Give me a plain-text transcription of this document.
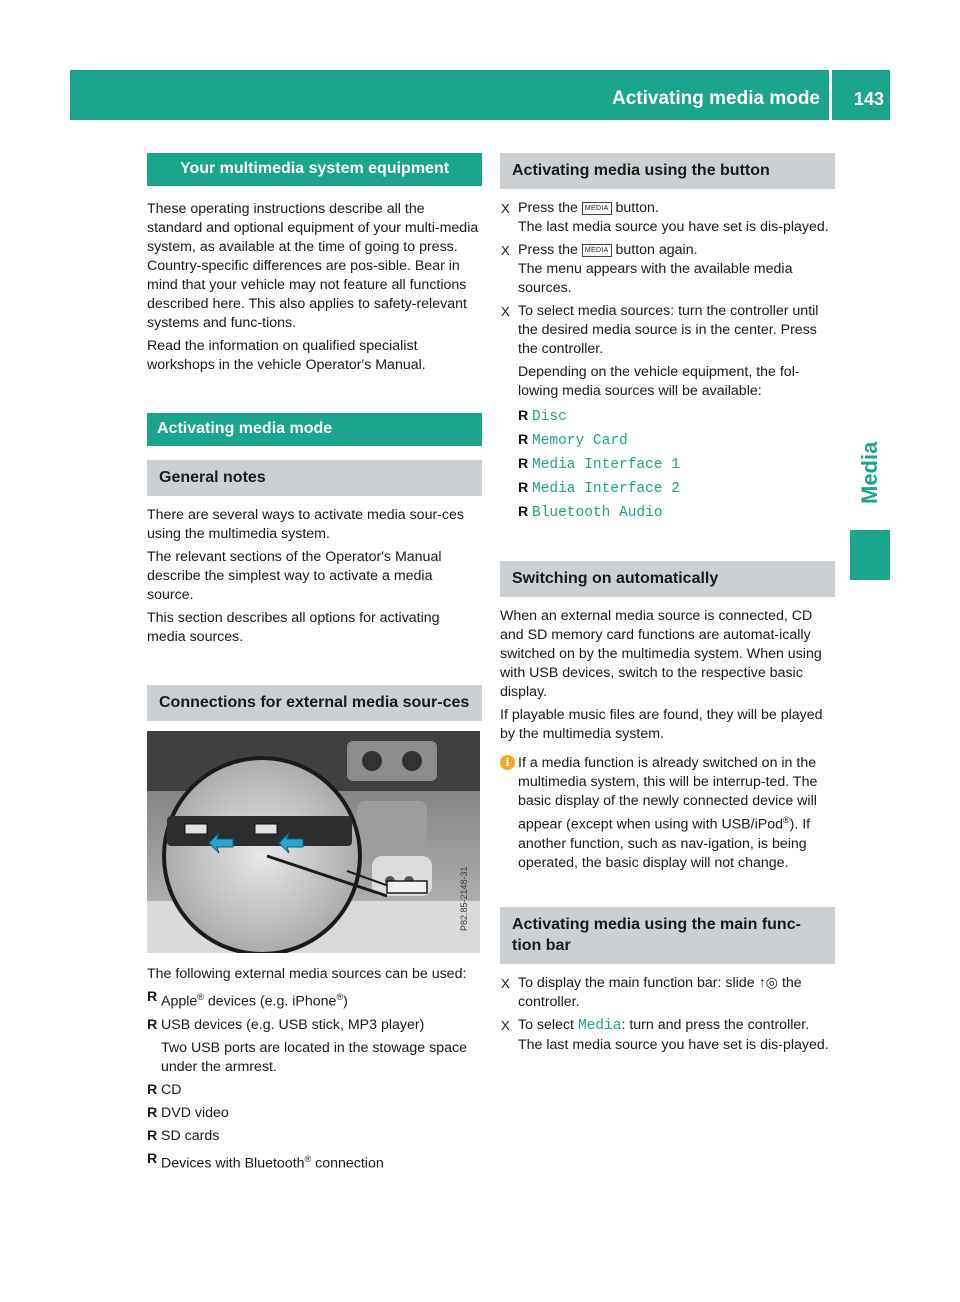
Activating media mode 143
Media
Your multimedia system equipment

These operating instructions describe all the standard and optional equipment of your multi-media system, as available at the time of going to press. Country-specific differences are pos-sible. Bear in mind that your vehicle may not feature all functions described here. This also applies to safety-relevant systems and func-tions.

Read the information on qualified specialist workshops in the vehicle Operator's Manual.

Activating media mode
General notes

There are several ways to activate media sour-ces using the multimedia system.

The relevant sections of the Operator's Manual describe the simplest way to activate a media source.

This section describes all options for activating media sources.

Connections for external media sour-ces
P82.85-2148-31

The following external media sources can be used:

R Apple® devices (e.g. iPhone®)
R USB devices (e.g. USB stick, MP3 player)
Two USB ports are located in the stowage space under the armrest.
R CD
R DVD video
R SD cards
R Devices with Bluetooth® connection
Activating media using the button
X Press the MEDIA button.
The last media source you have set is dis-played.
X Press the MEDIA button again.
The menu appears with the available media sources.
X To select media sources: turn the controller until the desired media source is in the center. Press the controller.
Depending on the vehicle equipment, the fol-lowing media sources will be available:
R Disc
R Memory Card
R Media Interface 1
R Media Interface 2
R Bluetooth Audio
Switching on automatically

When an external media source is connected, CD and SD memory card functions are automat-ically switched on by the multimedia system. When using with USB devices, switch to the respective basic display.

If playable music files are found, they will be played by the multimedia system.

i If a media function is already switched on in the multimedia system, this will be interrup-ted. The basic display of the newly connected device will appear (except when using with USB/iPod®). If another function, such as nav-igation, is being operated, the basic display will not change.
Activating media using the main func-tion bar
X To display the main function bar: slide ↑◎ the controller.
X To select Media: turn and press the controller.
The last media source you have set is dis-played.
